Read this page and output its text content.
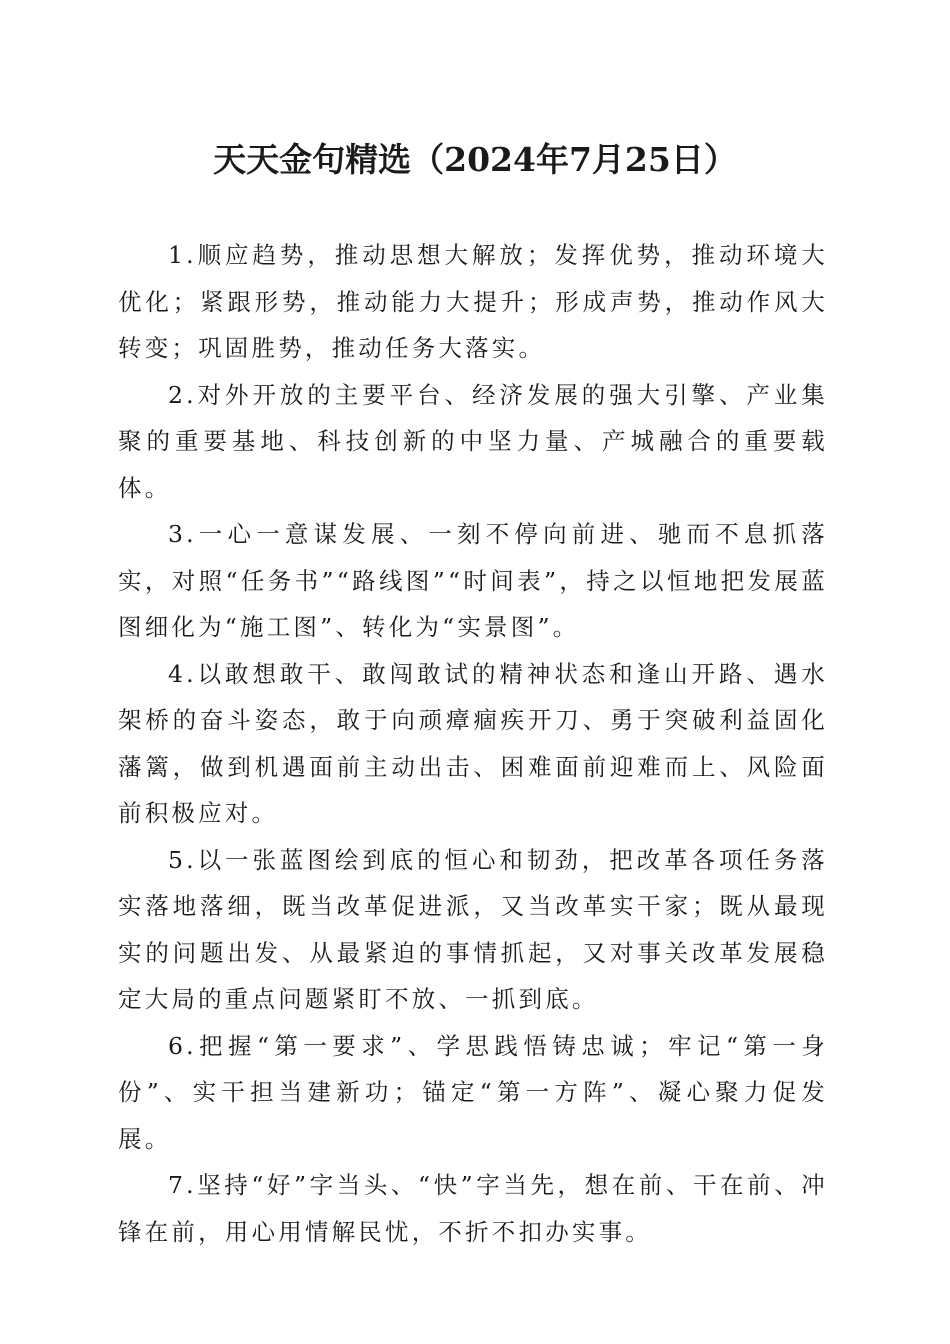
天天金句精选（2024年7月25日）

1.顺应趋势，推动思想大解放；发挥优势，推动环境大优化；紧跟形势，推动能力大提升；形成声势，推动作风大转变；巩固胜势，推动任务大落实。

2.对外开放的主要平台、经济发展的强大引擎、产业集聚的重要基地、科技创新的中坚力量、产城融合的重要载体。

3.一心一意谋发展、一刻不停向前进、驰而不息抓落实，对照“任务书”“路线图”“时间表”，持之以恒地把发展蓝图细化为“施工图”、转化为“实景图”。

4.以敢想敢干、敢闯敢试的精神状态和逢山开路、遇水架桥的奋斗姿态，敢于向顽瘴痼疾开刀、勇于突破利益固化藩篱，做到机遇面前主动出击、困难面前迎难而上、风险面前积极应对。

5.以一张蓝图绘到底的恒心和韧劲，把改革各项任务落实落地落细，既当改革促进派，又当改革实干家；既从最现实的问题出发、从最紧迫的事情抓起，又对事关改革发展稳定大局的重点问题紧盯不放、一抓到底。

6.把握“第一要求”、学思践悟铸忠诚；牢记“第一身份”、实干担当建新功；锚定“第一方阵”、凝心聚力促发展。

7.坚持“好”字当头、“快”字当先，想在前、干在前、冲锋在前，用心用情解民忧，不折不扣办实事。
